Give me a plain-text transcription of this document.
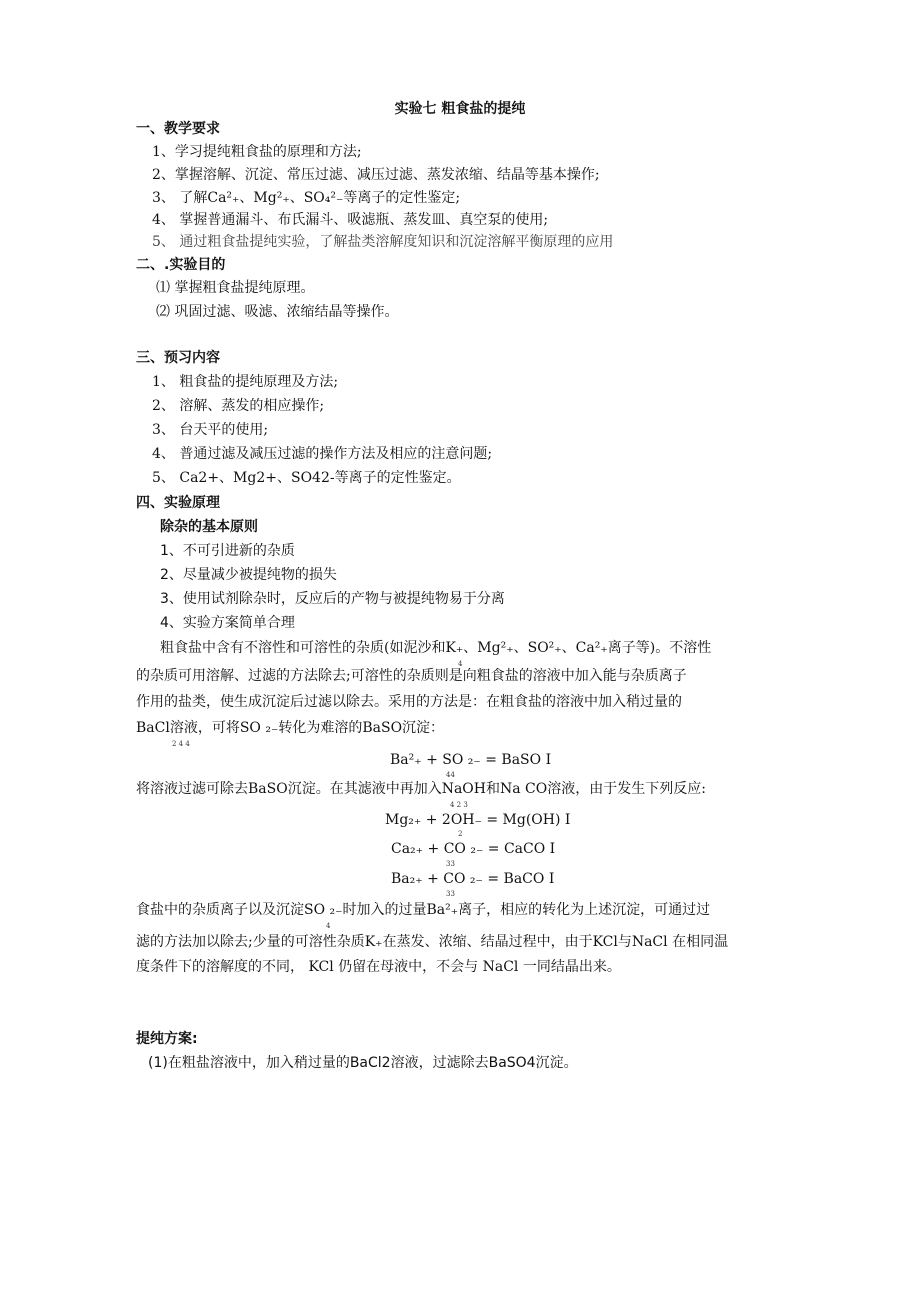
实验七 粗食盐的提纯
一、教学要求
1、学习提纯粗食盐的原理和方法;
2、掌握溶解、沉淀、常压过滤、减压过滤、蒸发浓缩、结晶等基本操作;
3、 了解Ca²₊、Mg²₊、SO₄²₋等离子的定性鉴定;
4、 掌握普通漏斗、布氏漏斗、吸滤瓶、蒸发皿、真空泵的使用;
5、 通过粗食盐提纯实验，了解盐类溶解度知识和沉淀溶解平衡原理的应用
二、.实验目的
⑴ 掌握粗食盐提纯原理。
⑵ 巩固过滤、吸滤、浓缩结晶等操作。
三、预习内容
1、 粗食盐的提纯原理及方法;
2、 溶解、蒸发的相应操作;
3、 台天平的使用;
4、 普通过滤及减压过滤的操作方法及相应的注意问题;
5、 Ca2+、Mg2+、SO42-等离子的定性鉴定。
四、实验原理
除杂的基本原则
1、不可引进新的杂质
2、尽量减少被提纯物的损失
3、使用试剂除杂时，反应后的产物与被提纯物易于分离
4、实验方案简单合理
粗食盐中含有不溶性和可溶性的杂质(如泥沙和K₊、Mg²₊、SO²₊、Ca²₊离子等)。不溶性
4
的杂质可用溶解、过滤的方法除去;可溶性的杂质则是向粗食盐的溶液中加入能与杂质离子
作用的盐类，使生成沉淀后过滤以除去。采用的方法是：在粗食盐的溶液中加入稍过量的
BaCl溶液，可将SO ₂₋转化为难溶的BaSO沉淀：
2 4 4
Ba²₊ + SO ₂₋ = BaSO I
44
将溶液过滤可除去BaSO沉淀。在其滤液中再加入NaOH和Na CO溶液，由于发生下列反应:
4 2 3
Mg₂₊ + 2OH₋ = Mg(OH) I
2
Ca₂₊ + CO ₂₋ = CaCO I
33
Ba₂₊ + CO ₂₋ = BaCO I
33
食盐中的杂质离子以及沉淀SO ₂₋时加入的过量Ba²₊离子，相应的转化为上述沉淀，可通过过
4
滤的方法加以除去;少量的可溶性杂质K₊在蒸发、浓缩、结晶过程中，由于KCl与NaCl 在相同温
度条件下的溶解度的不同， KCl 仍留在母液中，不会与 NaCl 一同结晶出来。
提纯方案:
(1)在粗盐溶液中，加入稍过量的BaCl2溶液，过滤除去BaSO4沉淀。
